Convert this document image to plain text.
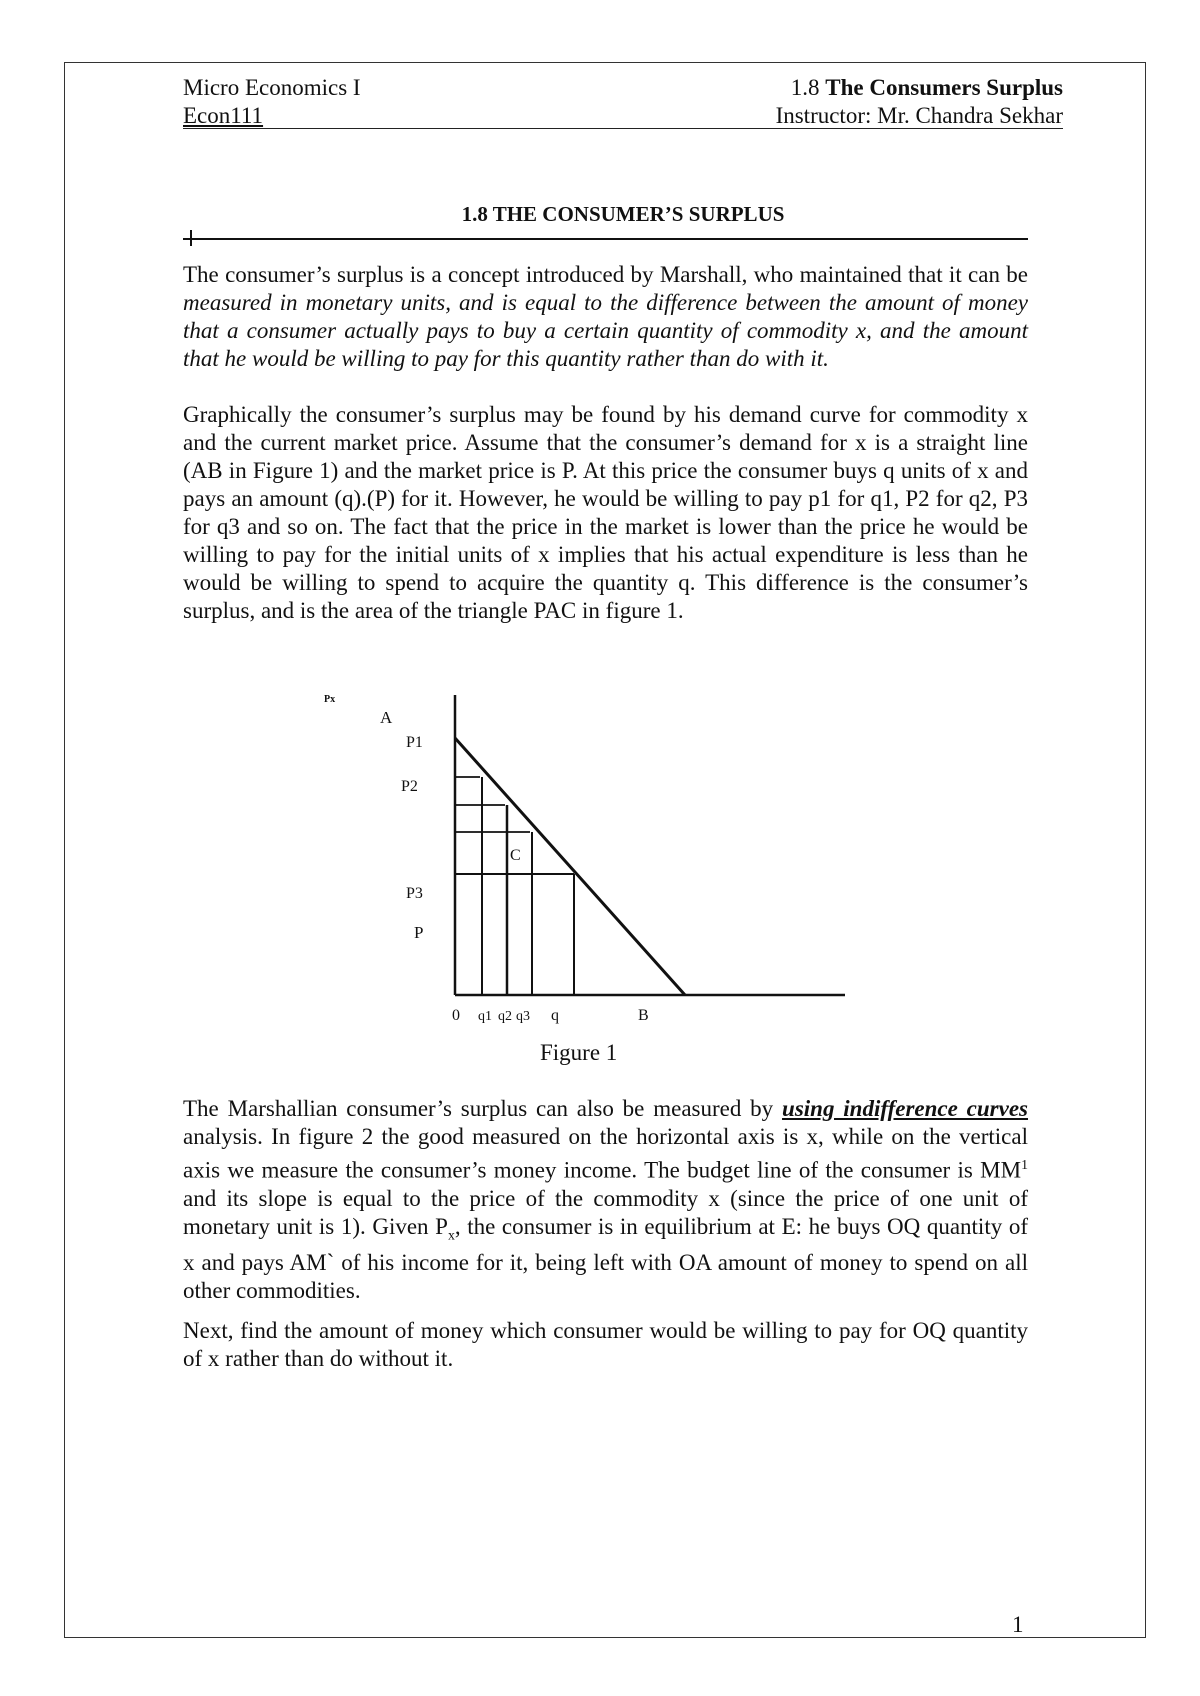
Micro Economics I
Econ111
1.8 The Consumers Surplus
Instructor: Mr. Chandra Sekhar
1.8 THE CONSUMER’S SURPLUS

The consumer’s surplus is a concept introduced by Marshall, who maintained that it can be measured in monetary units, and is equal to the difference between the amount of money that a consumer actually pays to buy a certain quantity of commodity x, and the amount that he would be willing to pay for this quantity rather than do with it.

Graphically the consumer’s surplus may be found by his demand curve for commodity x and the current market price. Assume that the consumer’s demand for x is a straight line (AB in Figure 1) and the market price is P. At this price the consumer buys q units of x and pays an amount (q).(P) for it. However, he would be willing to pay p1 for q1, P2 for q2, P3 for q3 and so on. The fact that the price in the market is lower than the price he would be willing to pay for the initial units of x implies that his actual expenditure is less than he would be willing to spend to acquire the quantity q. This difference is the consumer’s surplus, and is the area of the triangle PAC in figure 1.

Px
A
P1
P2
C
P3
P
0 q1 q2 q3 q	B
Figure 1

The Marshallian consumer’s surplus can also be measured by using indifference curves analysis. In figure 2 the good measured on the horizontal axis is x, while on the vertical axis we measure the consumer’s money income. The budget line of the consumer is $MM^1$ and its slope is equal to the price of the commodity x (since the price of one unit of monetary unit is 1). Given $P_x$, the consumer is in equilibrium at E: he buys OQ quantity of x and pays AM` of his income for it, being left with OA amount of money to spend on all other commodities.

Next, find the amount of money which consumer would be willing to pay for OQ quantity of x rather than do without it.

1
